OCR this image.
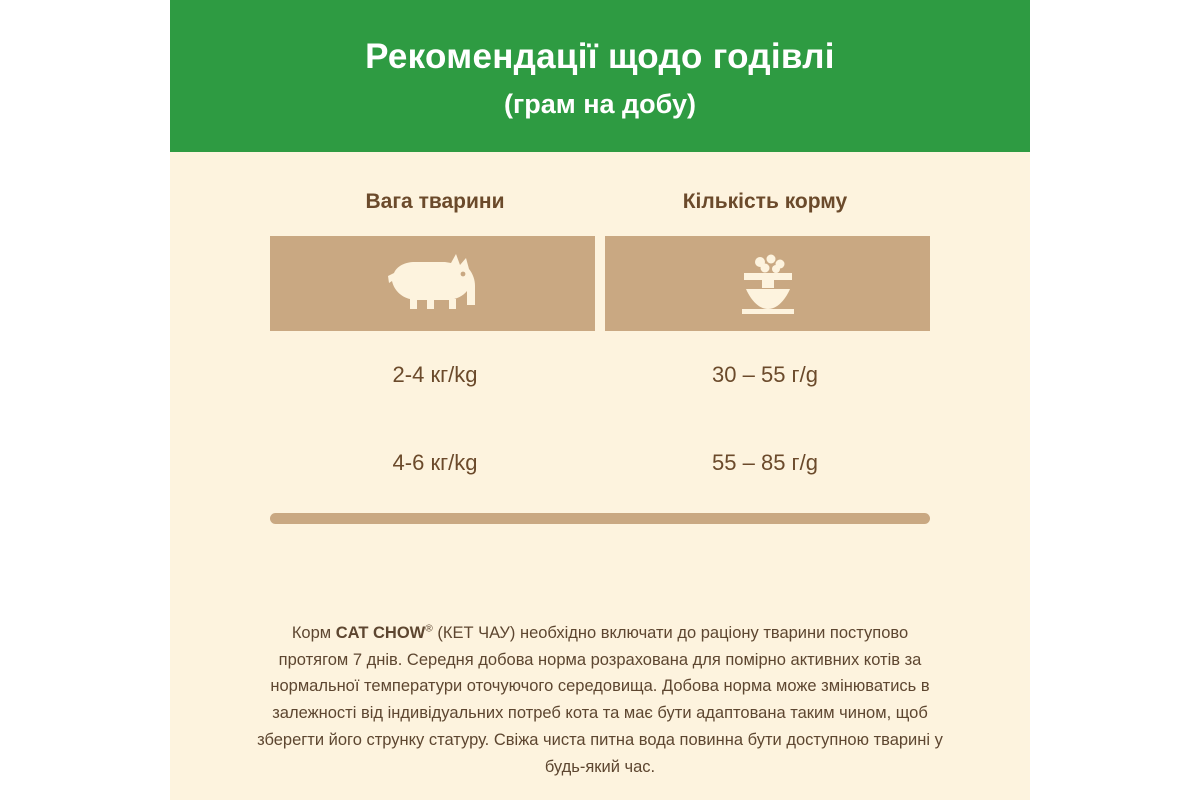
Рекомендації щодо годівлі
(грам на добу)
Вага тварини	Кількість корму
2-4 кг/kg	30 – 55 г/g
4-6 кг/kg	55 – 85 г/g
Корм CAT CHOW® (КЕТ ЧАУ) необхідно включати до раціону тварини поступово протягом 7 днів. Середня добова норма розрахована для помірно активних котів за нормальної температури оточуючого середовища. Добова норма може змінюватись в залежності від індивідуальних потреб кота та має бути адаптована таким чином, щоб зберегти його струнку статуру. Свіжа чиста питна вода повинна бути доступною тварині у будь-який час.
